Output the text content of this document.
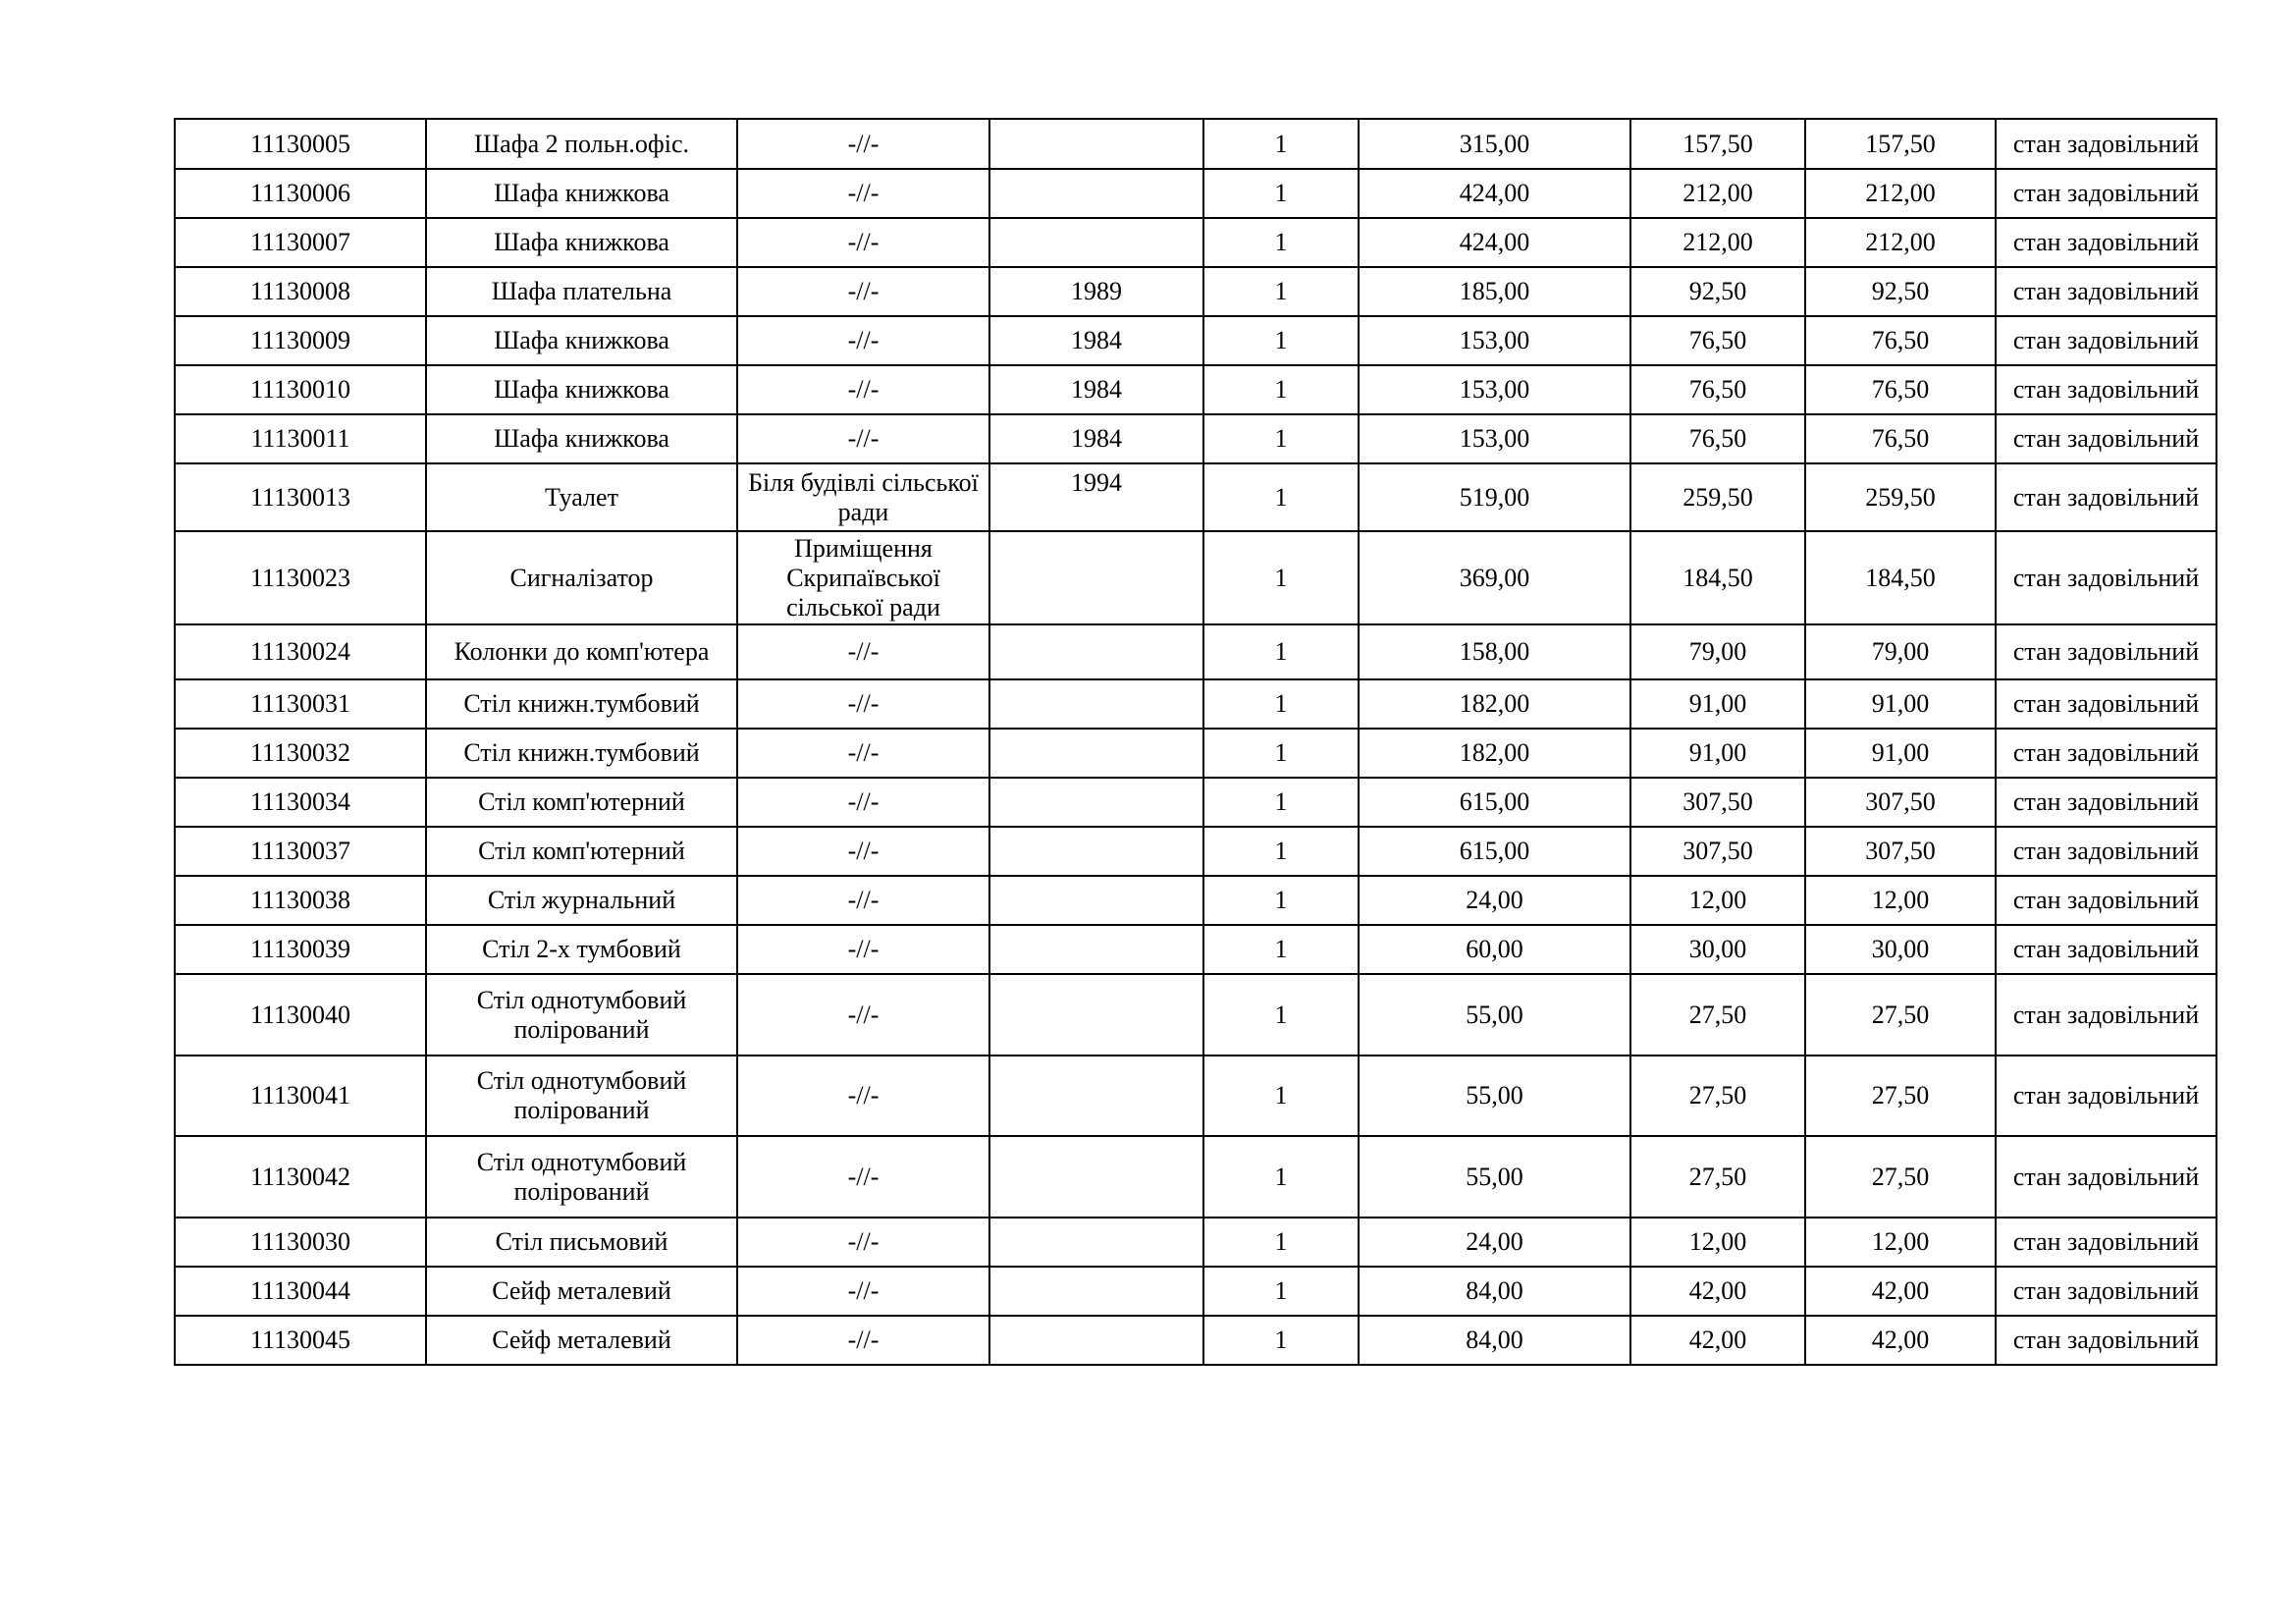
11130005	Шафа 2 польн.офіс.	-//-		1	315,00	157,50	157,50	стан задовільний
11130006	Шафа книжкова	-//-		1	424,00	212,00	212,00	стан задовільний
11130007	Шафа книжкова	-//-		1	424,00	212,00	212,00	стан задовільний
11130008	Шафа плательна	-//-	1989	1	185,00	92,50	92,50	стан задовільний
11130009	Шафа книжкова	-//-	1984	1	153,00	76,50	76,50	стан задовільний
11130010	Шафа книжкова	-//-	1984	1	153,00	76,50	76,50	стан задовільний
11130011	Шафа книжкова	-//-	1984	1	153,00	76,50	76,50	стан задовільний
11130013	Туалет	Біля будівлі сільської ради	1994	1	519,00	259,50	259,50	стан задовільний
11130023	Сигналізатор	Приміщення Скрипаївської сільської ради		1	369,00	184,50	184,50	стан задовільний
11130024	Колонки до комп'ютера	-//-		1	158,00	79,00	79,00	стан задовільний
11130031	Стіл книжн.тумбовий	-//-		1	182,00	91,00	91,00	стан задовільний
11130032	Стіл книжн.тумбовий	-//-		1	182,00	91,00	91,00	стан задовільний
11130034	Стіл комп'ютерний	-//-		1	615,00	307,50	307,50	стан задовільний
11130037	Стіл комп'ютерний	-//-		1	615,00	307,50	307,50	стан задовільний
11130038	Стіл журнальний	-//-		1	24,00	12,00	12,00	стан задовільний
11130039	Стіл 2-х тумбовий	-//-		1	60,00	30,00	30,00	стан задовільний
11130040	Стіл однотумбовий полірований	-//-		1	55,00	27,50	27,50	стан задовільний
11130041	Стіл однотумбовий полірований	-//-		1	55,00	27,50	27,50	стан задовільний
11130042	Стіл однотумбовий полірований	-//-		1	55,00	27,50	27,50	стан задовільний
11130030	Стіл письмовий	-//-		1	24,00	12,00	12,00	стан задовільний
11130044	Сейф металевий	-//-		1	84,00	42,00	42,00	стан задовільний
11130045	Сейф металевий	-//-		1	84,00	42,00	42,00	стан задовільний
